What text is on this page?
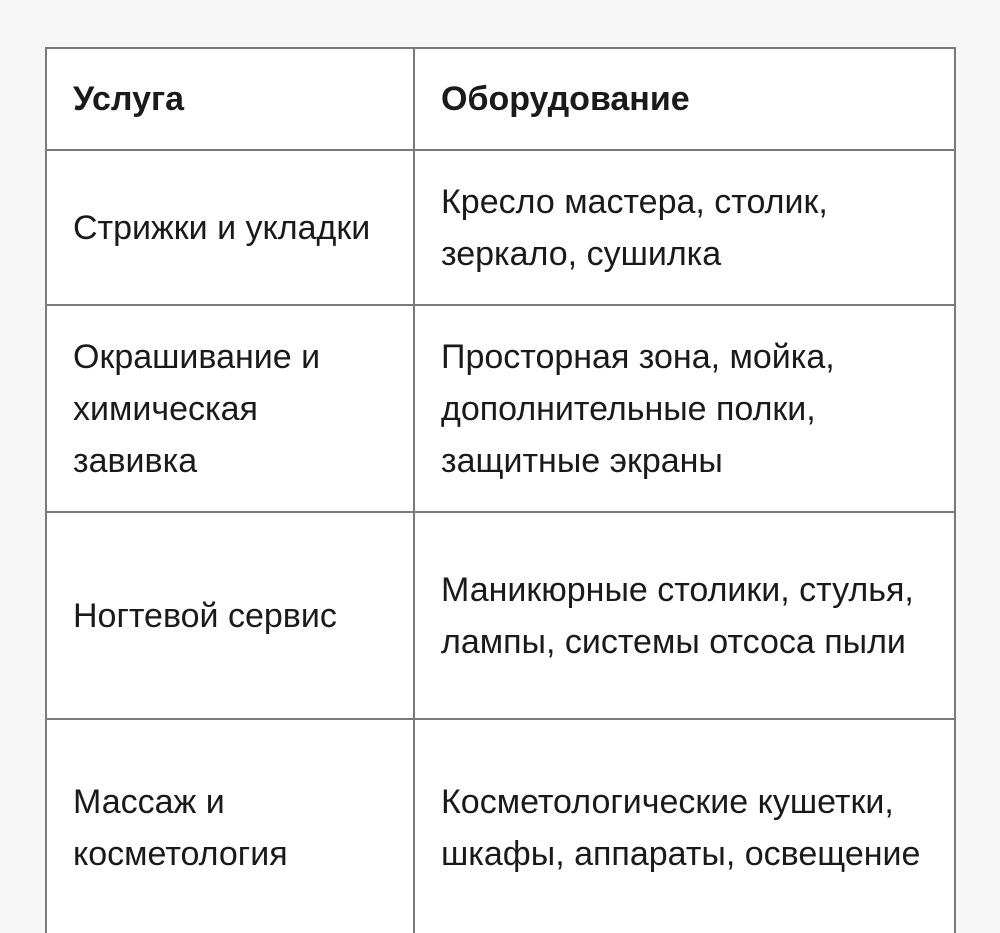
Услуга	Оборудование
Стрижки и укладки	Кресло мастера, столик, зеркало, сушилка
Окрашивание и химическая завивка	Просторная зона, мойка, дополнительные полки, защитные экраны
Ногтевой сервис	Маникюрные столики, стулья, лампы, системы отсоса пыли
Массаж и косметология	Косметологические кушетки, шкафы, аппараты, освещение
